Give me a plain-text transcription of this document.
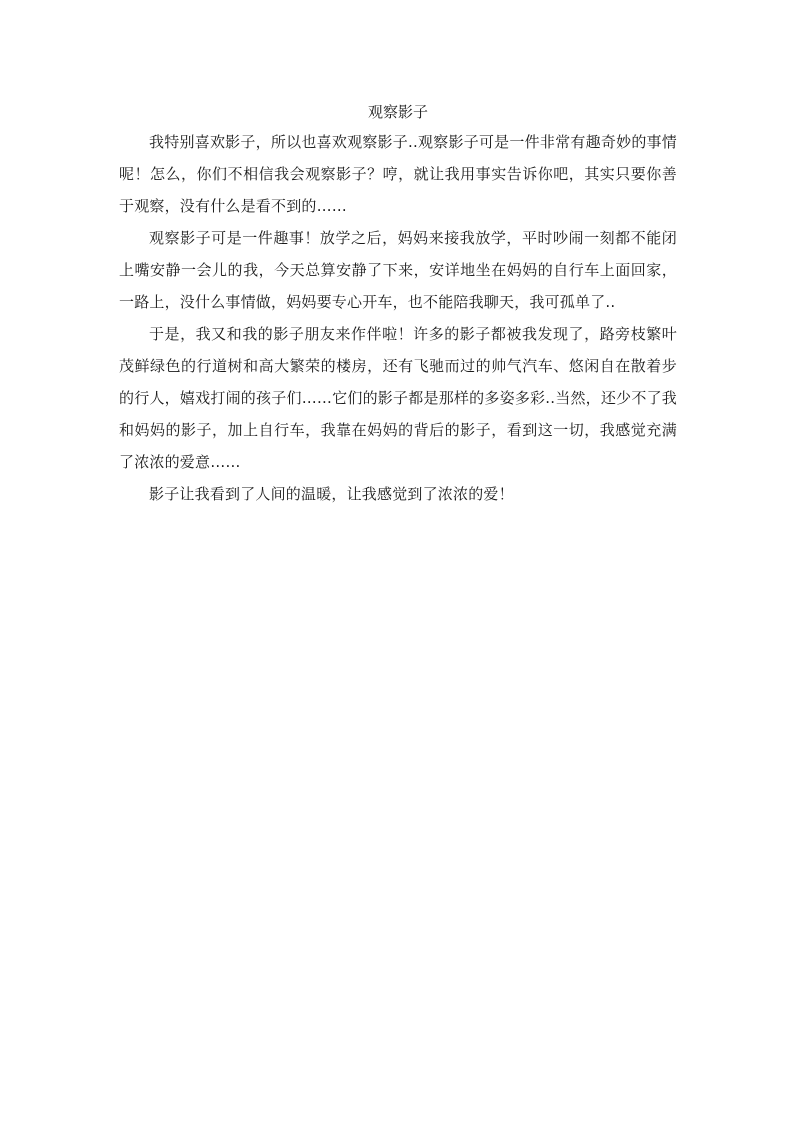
观察影子

我特别喜欢影子，所以也喜欢观察影子..观察影子可是一件非常有趣奇妙的事情呢！怎么，你们不相信我会观察影子？哼，就让我用事实告诉你吧，其实只要你善于观察，没有什么是看不到的……

观察影子可是一件趣事！放学之后，妈妈来接我放学，平时吵闹一刻都不能闭上嘴安静一会儿的我，今天总算安静了下来，安详地坐在妈妈的自行车上面回家，一路上，没什么事情做，妈妈要专心开车，也不能陪我聊天，我可孤单了..

于是，我又和我的影子朋友来作伴啦！许多的影子都被我发现了，路旁枝繁叶茂鲜绿色的行道树和高大繁荣的楼房，还有飞驰而过的帅气汽车、悠闲自在散着步的行人，嬉戏打闹的孩子们……它们的影子都是那样的多姿多彩..当然，还少不了我和妈妈的影子，加上自行车，我靠在妈妈的背后的影子，看到这一切，我感觉充满了浓浓的爱意……

影子让我看到了人间的温暖，让我感觉到了浓浓的爱！
